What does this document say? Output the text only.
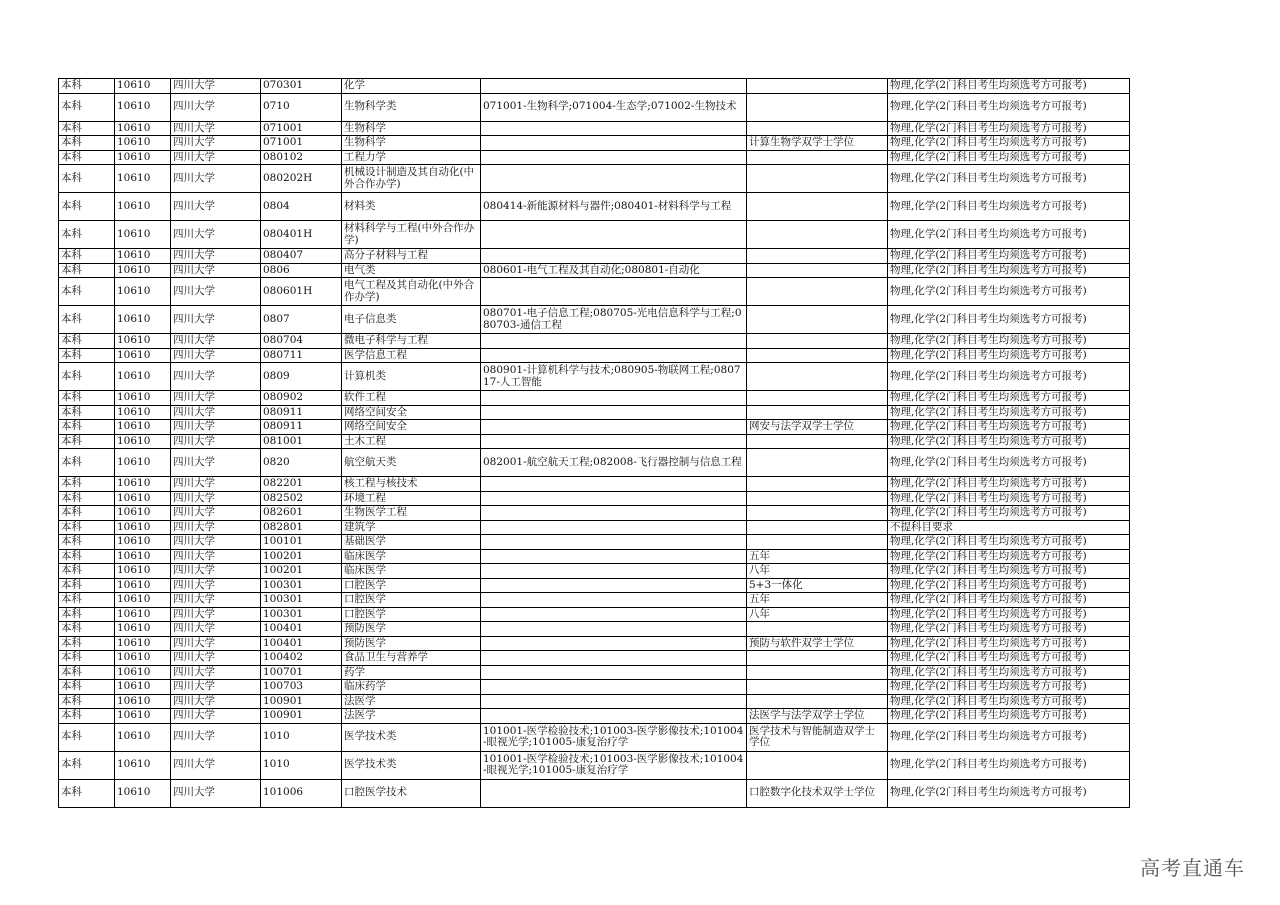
本科	10610	四川大学	070301	化学			物理,化学(2门科目考生均须选考方可报考)
本科	10610	四川大学	0710	生物科学类	071001-生物科学;071004-生态学;071002-生物技术		物理,化学(2门科目考生均须选考方可报考)
本科	10610	四川大学	071001	生物科学			物理,化学(2门科目考生均须选考方可报考)
本科	10610	四川大学	071001	生物科学		计算生物学双学士学位	物理,化学(2门科目考生均须选考方可报考)
本科	10610	四川大学	080102	工程力学			物理,化学(2门科目考生均须选考方可报考)
本科	10610	四川大学	080202H	机械设计制造及其自动化(中外合作办学)			物理,化学(2门科目考生均须选考方可报考)
本科	10610	四川大学	0804	材料类	080414-新能源材料与器件;080401-材料科学与工程		物理,化学(2门科目考生均须选考方可报考)
本科	10610	四川大学	080401H	材料科学与工程(中外合作办学)			物理,化学(2门科目考生均须选考方可报考)
本科	10610	四川大学	080407	高分子材料与工程			物理,化学(2门科目考生均须选考方可报考)
本科	10610	四川大学	0806	电气类	080601-电气工程及其自动化;080801-自动化		物理,化学(2门科目考生均须选考方可报考)
本科	10610	四川大学	080601H	电气工程及其自动化(中外合作办学)			物理,化学(2门科目考生均须选考方可报考)
本科	10610	四川大学	0807	电子信息类	080701-电子信息工程;080705-光电信息科学与工程;080703-通信工程		物理,化学(2门科目考生均须选考方可报考)
本科	10610	四川大学	080704	微电子科学与工程			物理,化学(2门科目考生均须选考方可报考)
本科	10610	四川大学	080711	医学信息工程			物理,化学(2门科目考生均须选考方可报考)
本科	10610	四川大学	0809	计算机类	080901-计算机科学与技术;080905-物联网工程;080717-人工智能		物理,化学(2门科目考生均须选考方可报考)
本科	10610	四川大学	080902	软件工程			物理,化学(2门科目考生均须选考方可报考)
本科	10610	四川大学	080911	网络空间安全			物理,化学(2门科目考生均须选考方可报考)
本科	10610	四川大学	080911	网络空间安全		网安与法学双学士学位	物理,化学(2门科目考生均须选考方可报考)
本科	10610	四川大学	081001	土木工程			物理,化学(2门科目考生均须选考方可报考)
本科	10610	四川大学	0820	航空航天类	082001-航空航天工程;082008-飞行器控制与信息工程		物理,化学(2门科目考生均须选考方可报考)
本科	10610	四川大学	082201	核工程与核技术			物理,化学(2门科目考生均须选考方可报考)
本科	10610	四川大学	082502	环境工程			物理,化学(2门科目考生均须选考方可报考)
本科	10610	四川大学	082601	生物医学工程			物理,化学(2门科目考生均须选考方可报考)
本科	10610	四川大学	082801	建筑学			不提科目要求
本科	10610	四川大学	100101	基础医学			物理,化学(2门科目考生均须选考方可报考)
本科	10610	四川大学	100201	临床医学		五年	物理,化学(2门科目考生均须选考方可报考)
本科	10610	四川大学	100201	临床医学		八年	物理,化学(2门科目考生均须选考方可报考)
本科	10610	四川大学	100301	口腔医学		5+3一体化	物理,化学(2门科目考生均须选考方可报考)
本科	10610	四川大学	100301	口腔医学		五年	物理,化学(2门科目考生均须选考方可报考)
本科	10610	四川大学	100301	口腔医学		八年	物理,化学(2门科目考生均须选考方可报考)
本科	10610	四川大学	100401	预防医学			物理,化学(2门科目考生均须选考方可报考)
本科	10610	四川大学	100401	预防医学		预防与软件双学士学位	物理,化学(2门科目考生均须选考方可报考)
本科	10610	四川大学	100402	食品卫生与营养学			物理,化学(2门科目考生均须选考方可报考)
本科	10610	四川大学	100701	药学			物理,化学(2门科目考生均须选考方可报考)
本科	10610	四川大学	100703	临床药学			物理,化学(2门科目考生均须选考方可报考)
本科	10610	四川大学	100901	法医学			物理,化学(2门科目考生均须选考方可报考)
本科	10610	四川大学	100901	法医学		法医学与法学双学士学位	物理,化学(2门科目考生均须选考方可报考)
本科	10610	四川大学	1010	医学技术类	101001-医学检验技术;101003-医学影像技术;101004-眼视光学;101005-康复治疗学	医学技术与智能制造双学士学位	物理,化学(2门科目考生均须选考方可报考)
本科	10610	四川大学	1010	医学技术类	101001-医学检验技术;101003-医学影像技术;101004-眼视光学;101005-康复治疗学		物理,化学(2门科目考生均须选考方可报考)
本科	10610	四川大学	101006	口腔医学技术		口腔数字化技术双学士学位	物理,化学(2门科目考生均须选考方可报考)
高考直通车
